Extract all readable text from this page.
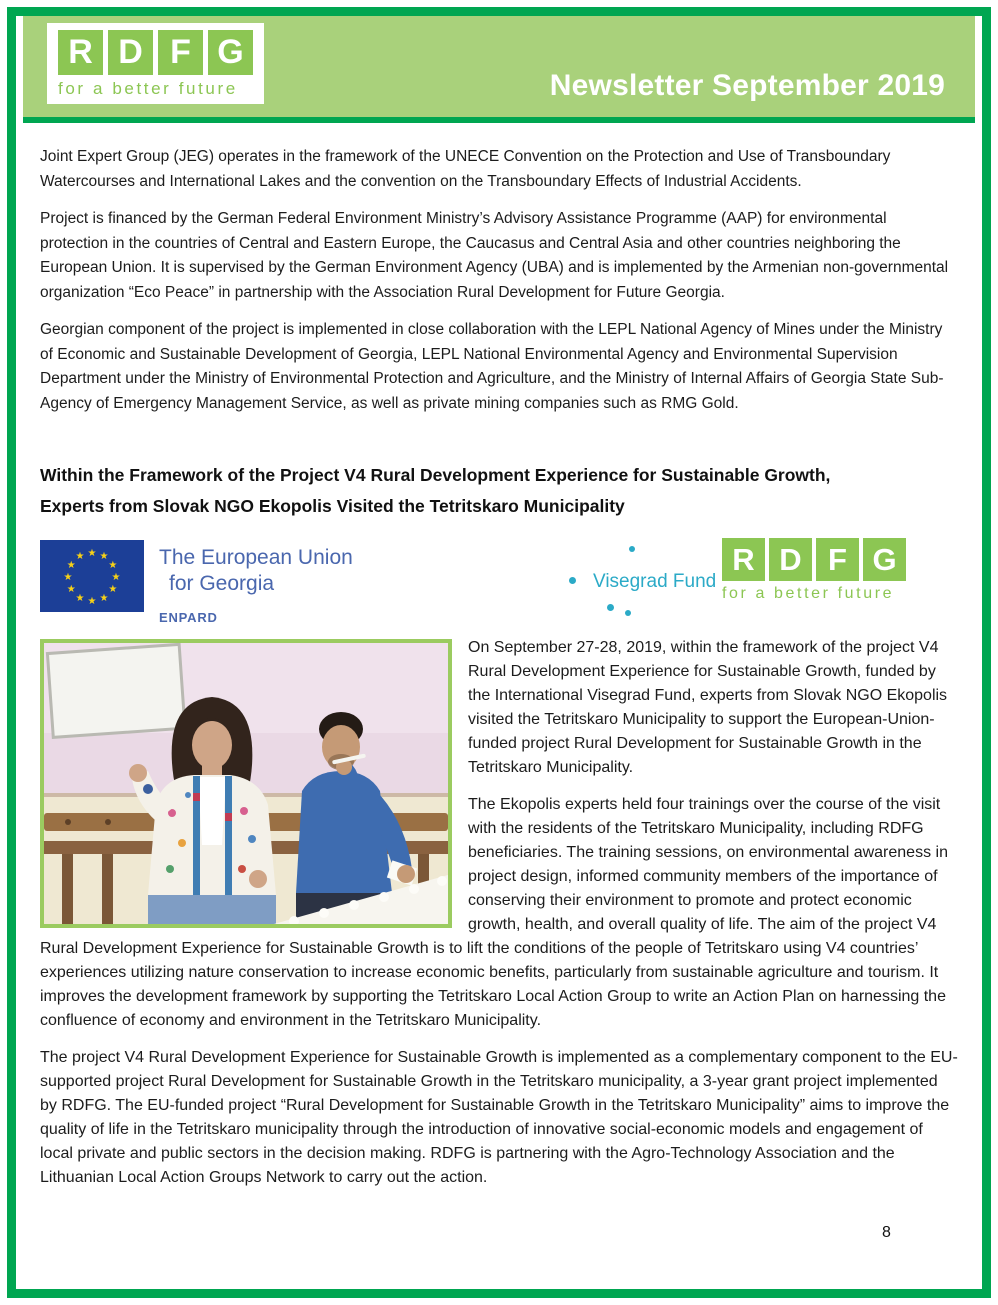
R D F G
for a better future	Newsletter September 2019

Joint Expert Group (JEG) operates in the framework of the UNECE Convention on the Protection and Use of Transboundary Watercourses and International Lakes and the convention on the Transboundary Effects of Industrial Accidents.

Project is financed by the German Federal Environment Ministry’s Advisory Assistance Programme (AAP) for environmental protection in the countries of Central and Eastern Europe, the Caucasus and Central Asia and other countries neighboring the European Union. It is supervised by the German Environment Agency (UBA) and is implemented by the Armenian non-governmental organization “Eco Peace” in partnership with the Association Rural Development for Future Georgia.

Georgian component of the project is implemented in close collaboration with the LEPL National Agency of Mines under the Ministry of Economic and Sustainable Development of Georgia, LEPL National Environmental Agency and Environmental Supervision Department under the Ministry of Environmental Protection and Agriculture, and the Ministry of Internal Affairs of Georgia State Sub-Agency of Emergency Management Service, as well as private mining companies such as RMG Gold.

Within the Framework of the Project V4 Rural Development Experience for Sustainable Growth, Experts from Slovak NGO Ekopolis Visited the Tetritskaro Municipality
★ ★
★
★
★
★
★
★
★
★
★
★	The European Union
for Georgia
ENPARD
Visegrad Fund
R D F G
for a better future

On September 27-28, 2019, within the framework of the project V4 Rural Development Experience for Sustainable Growth, funded by the International Visegrad Fund, experts from Slovak NGO Ekopolis visited the Tetritskaro Municipality to support the European-Union-funded project Rural Development for Sustainable Growth in the Tetritskaro Municipality.

The Ekopolis experts held four trainings over the course of the visit with the residents of the Tetritskaro Municipality, including RDFG beneficiaries. The training sessions, on environmental awareness in project design, informed community members of the importance of conserving their environment to promote and protect economic growth, health, and overall quality of life. The aim of the project V4 Rural Development Experience for Sustainable Growth is to lift the conditions of the people of Tetritskaro using V4 countries’ experiences utilizing nature conservation to increase economic benefits, particularly from sustainable agriculture and tourism. It improves the development framework by supporting the Tetritskaro Local Action Group to write an Action Plan on harnessing the confluence of economy and environment in the Tetritskaro Municipality.

The project V4 Rural Development Experience for Sustainable Growth is implemented as a complementary component to the EU-supported project Rural Development for Sustainable Growth in the Tetritskaro municipality, a 3-year grant project implemented by RDFG. The EU-funded project “Rural Development for Sustainable Growth in the Tetritskaro Municipality” aims to improve the quality of life in the Tetritskaro municipality through the introduction of innovative social-economic models and engagement of local private and public sectors in the decision making. RDFG is partnering with the Agro-Technology Association and the Lithuanian Local Action Groups Network to carry out the action.

8
